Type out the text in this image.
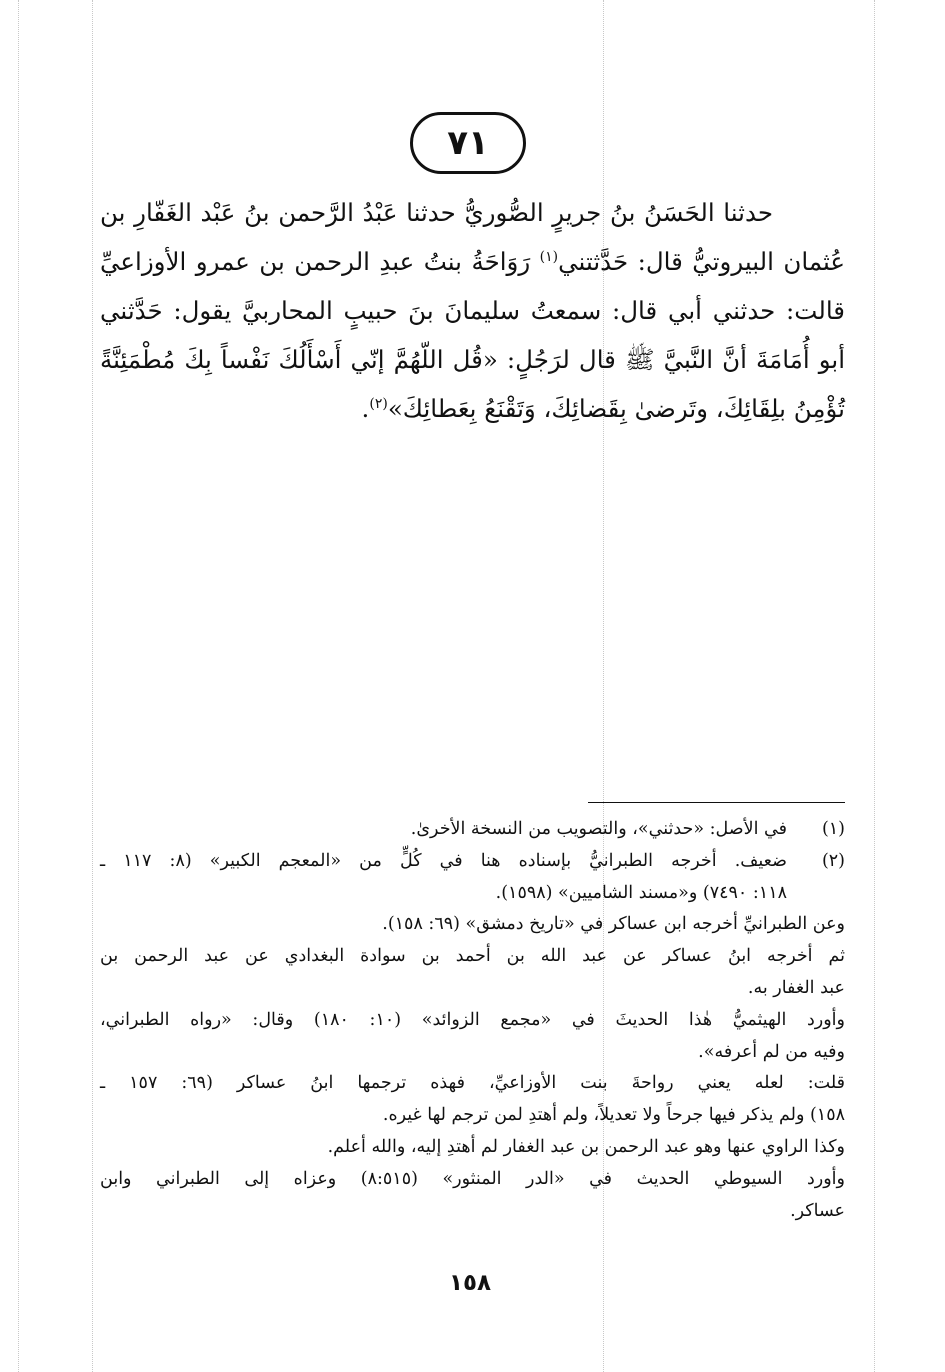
٧١
حدثنا الحَسَنُ بنُ جريرٍ الصُّوريُّ حدثنا عَبْدُ الرَّحمن بنُ عَبْد الغَفّارِ بن
عُثمان البيروتيُّ قال: حَدَّثتني$^{(١)}$ رَوَاحَةُ بنتُ عبدِ الرحمن بن عمرو الأوزاعيِّ
قالت: حدثني أبي قال: سمعتُ سليمانَ بنَ حبيبٍ المحاربيَّ يقول: حَدَّثني
أبو أُمَامَةَ أنَّ النَّبيَّ ﷺ قال لرَجُلٍ: «قُل اللّهُمَّ إنّي أَسْأَلُكَ نَفْساً بِكَ مُطْمَئِنَّةً
تُؤْمِنُ بلِقَائِكَ، وتَرضىٰ بِقَضائِكَ، وَتَقْنَعُ بِعَطائِكَ»$^{(٢)}$.
(١)
في الأصل: «حدثني»، والتصويب من النسخة الأخرىٰ.
(٢)
ضعيف. أخرجه الطبرانيُّ بإسناده هنا في كُلٍّ من «المعجم الكبير» (٨: ١١٧ ـ
١١٨: ٧٤٩٠) و«مسند الشاميين» (١٥٩٨).
وعن الطبرانيِّ أخرجه ابن عساكر في «تاريخ دمشق» (٦٩: ١٥٨).
ثم أخرجه ابنُ عساكر عن عبد الله بن أحمد بن سوادة البغدادي عن عبد الرحمن بن
عبد الغفار به.
وأورد الهيثميُّ هٰذا الحديثَ في «مجمع الزوائد» (١٠: ١٨٠) وقال: «رواه الطبراني،
وفيه من لم أعرفه».
قلت: لعله يعني رواحةَ بنت الأوزاعيِّ، فهذه ترجمها ابنُ عساكر (٦٩: ١٥٧ ـ
١٥٨) ولم يذكر فيها جرحاً ولا تعديلاً، ولم أهتدِ لمن ترجم لها غيره.
وكذا الراوي عنها وهو عبد الرحمن بن عبد الغفار لم أهتدِ إليه، والله أعلم.
وأورد السيوطي الحديث في «الدر المنثور» (٨:٥١٥) وعزاه إلى الطبراني وابن
عساكر.
١٥٨
